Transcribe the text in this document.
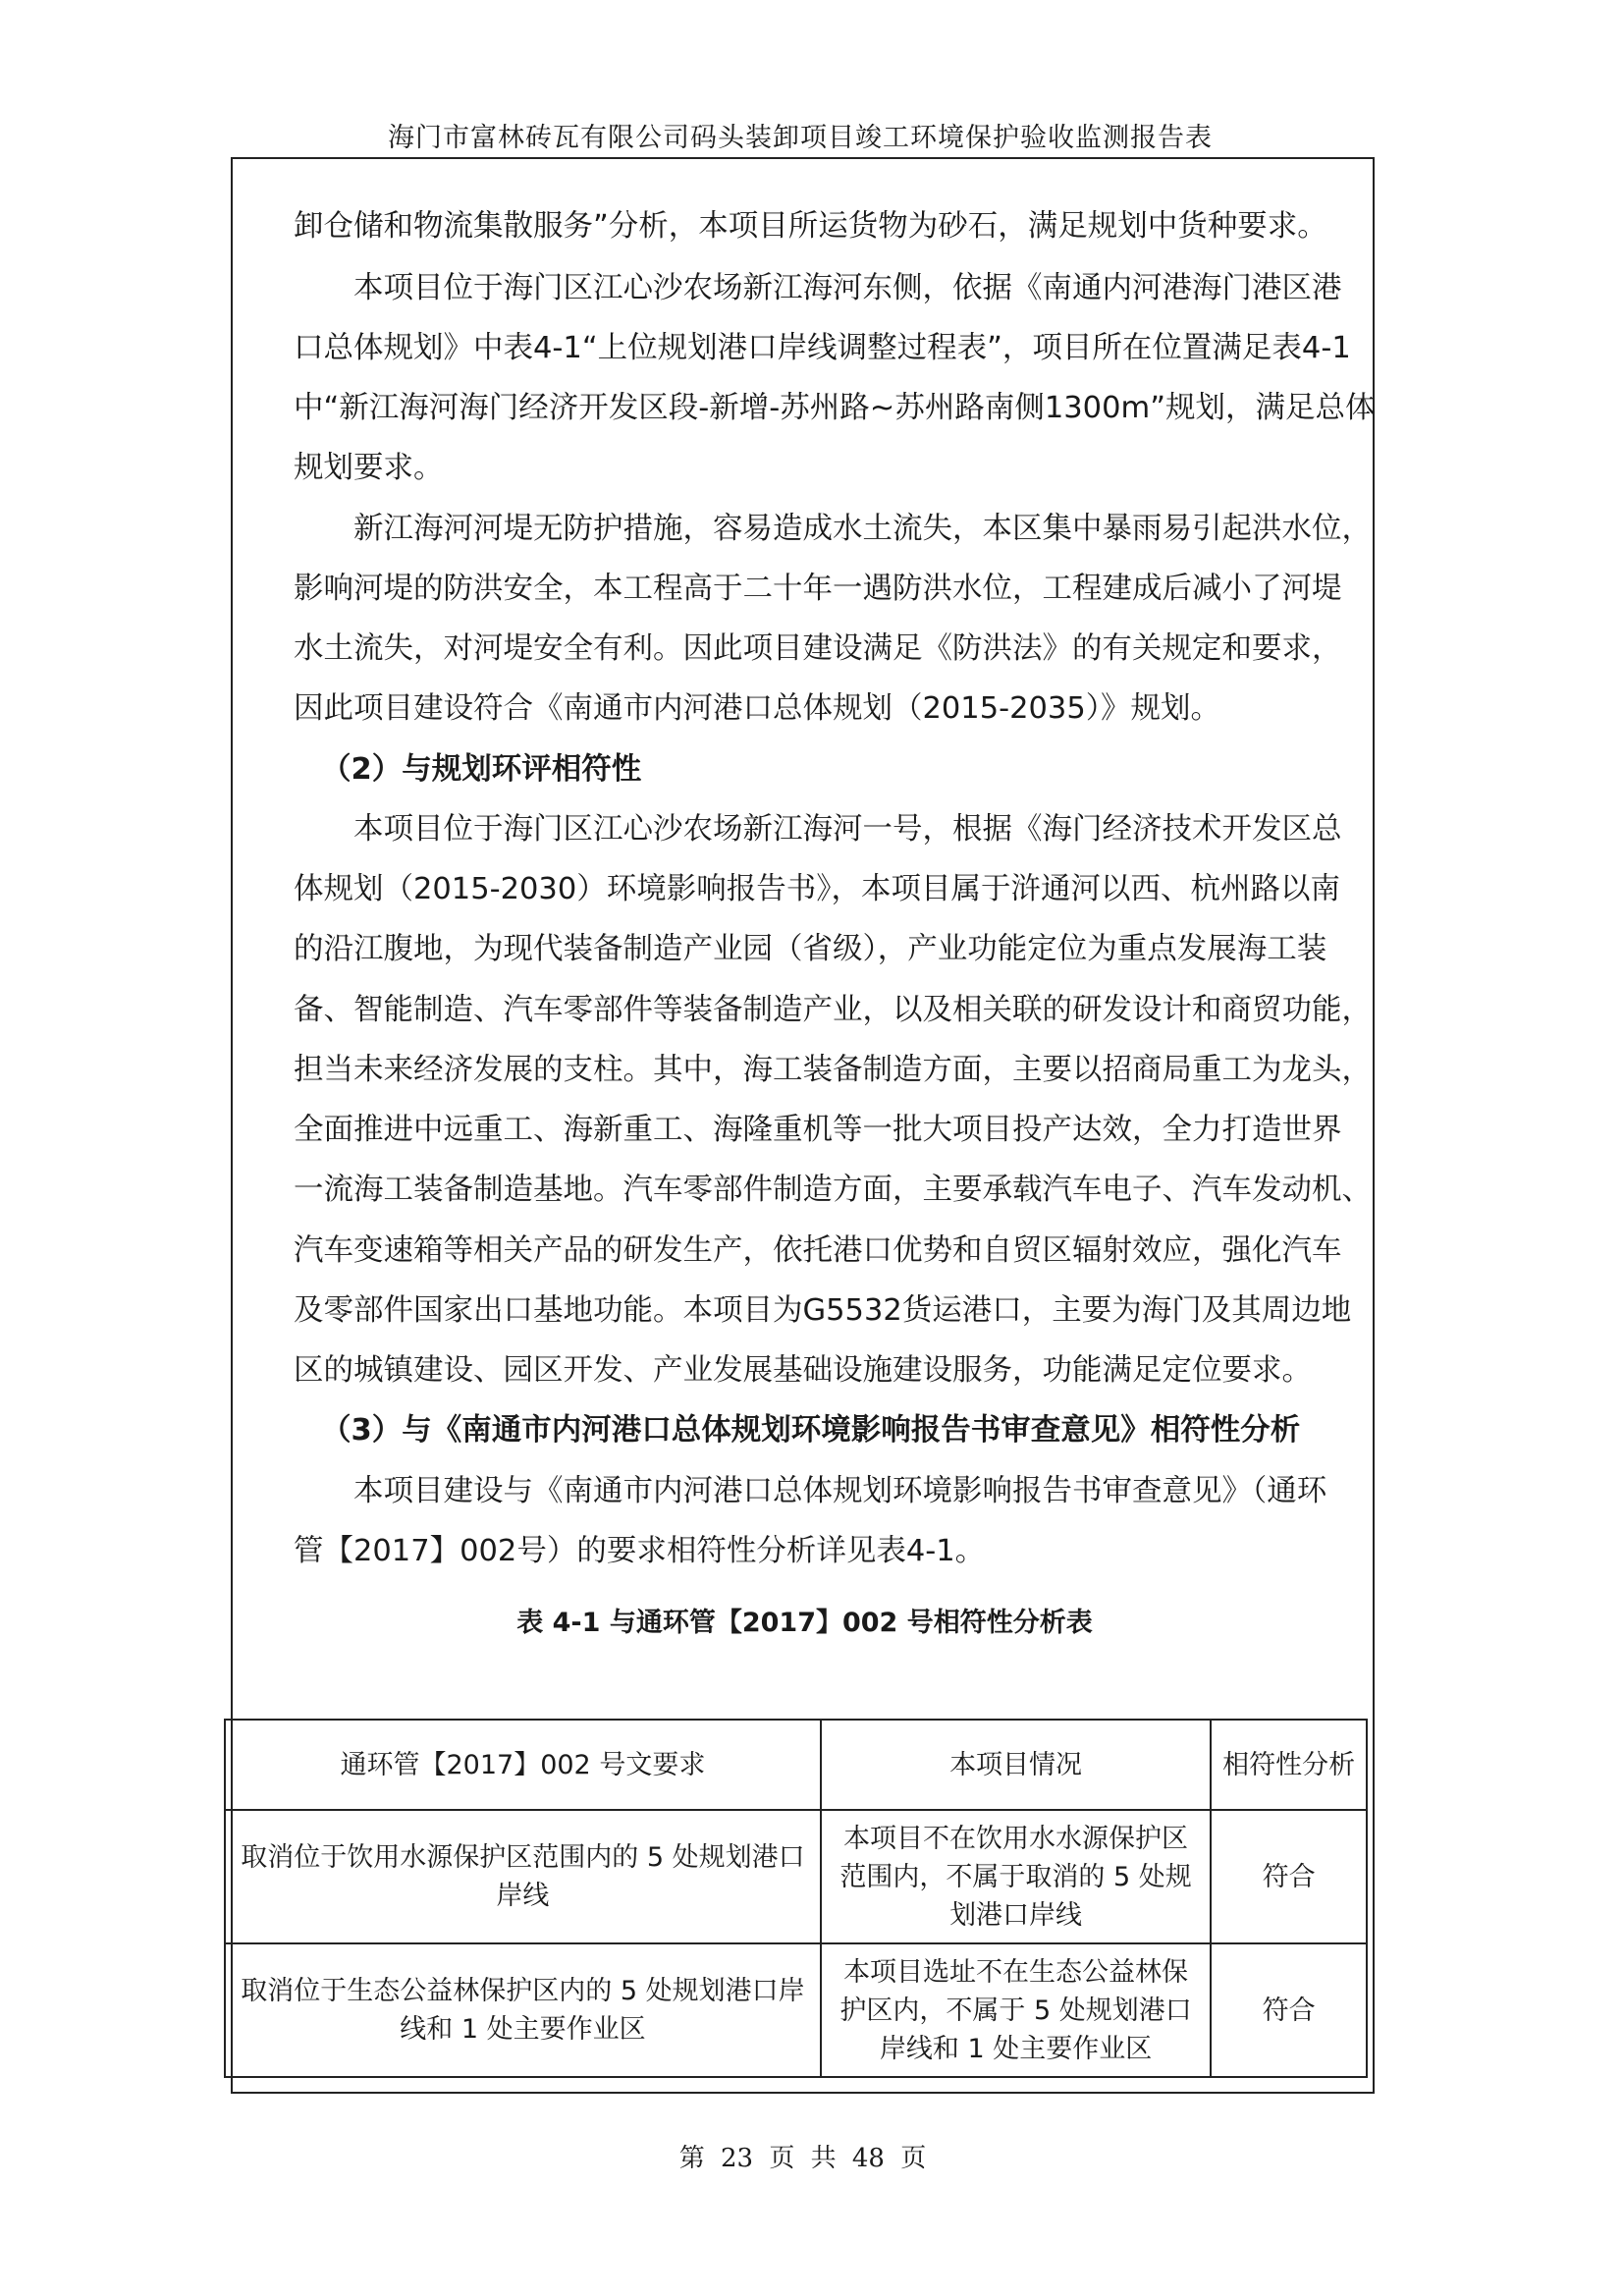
海门市富林砖瓦有限公司码头装卸项目竣工环境保护验收监测报告表
卸仓储和物流集散服务”分析，本项目所运货物为砂石，满足规划中货种要求。
本项目位于海门区江心沙农场新江海河东侧，依据《南通内河港海门港区港
口总体规划》中表4-1“上位规划港口岸线调整过程表”，项目所在位置满足表4-1
中“新江海河海门经济开发区段-新增-苏州路~苏州路南侧1300m”规划，满足总体
规划要求。
新江海河河堤无防护措施，容易造成水土流失，本区集中暴雨易引起洪水位，
影响河堤的防洪安全，本工程高于二十年一遇防洪水位，工程建成后减小了河堤
水土流失，对河堤安全有利。因此项目建设满足《防洪法》的有关规定和要求，
因此项目建设符合《南通市内河港口总体规划（2015-2035）》规划。
（2）与规划环评相符性
本项目位于海门区江心沙农场新江海河一号，根据《海门经济技术开发区总
体规划（2015-2030）环境影响报告书》，本项目属于浒通河以西、杭州路以南
的沿江腹地，为现代装备制造产业园（省级），产业功能定位为重点发展海工装
备、智能制造、汽车零部件等装备制造产业，以及相关联的研发设计和商贸功能，
担当未来经济发展的支柱。其中，海工装备制造方面，主要以招商局重工为龙头，
全面推进中远重工、海新重工、海隆重机等一批大项目投产达效，全力打造世界
一流海工装备制造基地。汽车零部件制造方面，主要承载汽车电子、汽车发动机、
汽车变速箱等相关产品的研发生产，依托港口优势和自贸区辐射效应，强化汽车
及零部件国家出口基地功能。本项目为G5532货运港口，主要为海门及其周边地
区的城镇建设、园区开发、产业发展基础设施建设服务，功能满足定位要求。
（3）与《南通市内河港口总体规划环境影响报告书审查意见》相符性分析
本项目建设与《南通市内河港口总体规划环境影响报告书审查意见》（通环
管【2017】002号）的要求相符性分析详见表4-1。
表 4-1 与通环管【2017】002 号相符性分析表
通环管【2017】002 号文要求	本项目情况	相符性分析
取消位于饮用水源保护区范围内的 5 处规划港口岸线	本项目不在饮用水水源保护区范围内，不属于取消的 5 处规划港口岸线	符合
取消位于生态公益林保护区内的 5 处规划港口岸线和 1 处主要作业区	本项目选址不在生态公益林保护区内，不属于 5 处规划港口岸线和 1 处主要作业区	符合
第 23 页 共 48 页
